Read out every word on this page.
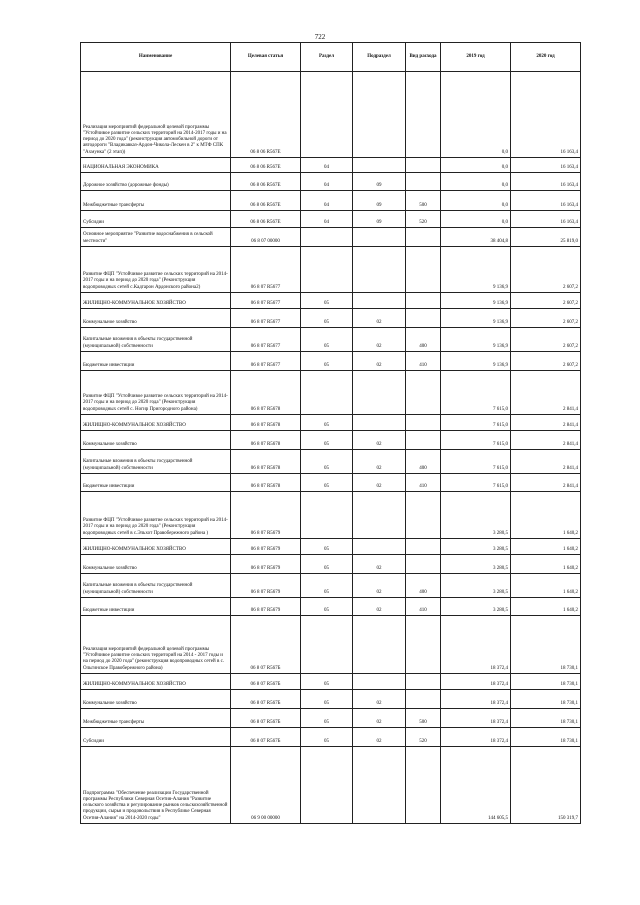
722
Наименование	Целевая статья	Раздел	Подраздел	Вид расхода	2019 год	2020 год
Реализация мероприятий федеральной целевой программы "Устойчивое развитие сельских территорий на 2014-2017 годы и на период до 2020 года" (реконструкция автомобильной дороги от автодороги "Владикавказ-Ардон-Чикола-Лескен в 2" к МТФ СПК "Ахмунка" (2 этап))	06 8 06 R567Е				0,0	16 163,4
НАЦИОНАЛЬНАЯ ЭКОНОМИКА	06 8 06 R567Е	04			0,0	16 163,4
Дорожное хозяйство (дорожные фонды)	06 8 06 R567Е	04	09		0,0	16 163,4
Межбюджетные трансферты	06 8 06 R567Е	04	09	500	0,0	16 163,4
Субсидии	06 8 06 R567Е	04	09	520	0,0	16 163,4
Основное мероприятие "Развитие водоснабжения в сельской местности"	06 8 07 00000				38 404,8	25 819,0
Развитие ФЦП "Устойчивое развитие сельских территорий на 2014-2017 годы и на период до 2020 года" (Реконструкция водопроводных сетей с.Кадгарон Ардонского района2)	06 8 07 R5677				9 136,9	2 607,2
ЖИЛИЩНО-КОММУНАЛЬНОЕ ХОЗЯЙСТВО	06 8 07 R5677	05			9 136,9	2 607,2
Коммунальное хозяйство	06 8 07 R5677	05	02		9 136,9	2 607,2
Капитальные вложения в объекты государственной (муниципальной) собственности	06 8 07 R5677	05	02	400	9 136,9	2 607,2
Бюджетные инвестиции	06 8 07 R5677	05	02	410	9 136,9	2 607,2
Развитие ФЦП "Устойчивое развитие сельских территорий на 2014-2017 годы и на период до 2020 года" (Реконструкция водопроводных сетей с. Ногир Пригородного района)	06 8 07 R5678				7 615,0	2 841,4
ЖИЛИЩНО-КОММУНАЛЬНОЕ ХОЗЯЙСТВО	06 8 07 R5678	05			7 615,0	2 841,4
Коммунальное хозяйство	06 8 07 R5678	05	02		7 615,0	2 841,4
Капитальные вложения в объекты государственной (муниципальной) собственности	06 8 07 R5678	05	02	400	7 615,0	2 841,4
Бюджетные инвестиции	06 8 07 R5678	05	02	410	7 615,0	2 841,4
Развитие ФЦП "Устойчивое развитие сельских территорий на 2014-2017 годы и на период до 2020 года" (Реконструкция водопроводных сетей в с.Эльхот Правобережного района )	06 8 07 R5679				3 280,5	1 640,2
ЖИЛИЩНО-КОММУНАЛЬНОЕ ХОЗЯЙСТВО	06 8 07 R5679	05			3 280,5	1 640,2
Коммунальное хозяйство	06 8 07 R5679	05	02		3 280,5	1 640,2
Капитальные вложения в объекты государственной (муниципальной) собственности	06 8 07 R5679	05	02	400	3 280,5	1 640,2
Бюджетные инвестиции	06 8 07 R5679	05	02	410	3 280,5	1 640,2
Реализация мероприятий федеральной целевой программы "Устойчивое развитие сельских территорий на 2014 - 2017 годы и на период до 2020 года" (реконструкция водопроводных сетей в с. Ольгинское Правобережного района)	06 8 07 R567Б				18 372,4	18 730,1
ЖИЛИЩНО-КОММУНАЛЬНОЕ ХОЗЯЙСТВО	06 8 07 R567Б	05			18 372,4	18 730,1
Коммунальное хозяйство	06 8 07 R567Б	05	02		18 372,4	18 730,1
Межбюджетные трансферты	06 8 07 R567Б	05	02	500	18 372,4	18 730,1
Субсидии	06 8 07 R567Б	05	02	520	18 372,4	18 730,1
Подпрограмма "Обеспечение реализации Государственной программы Республики Северная Осетия-Алания "Развитие сельского хозяйства и регулирование рынков сельскохозяйственной продукции, сырья и продовольствия в Республике Северная Осетия-Алания" на 2014-2020 годы"	06 9 00 00000				144 605,5	150 319,7
